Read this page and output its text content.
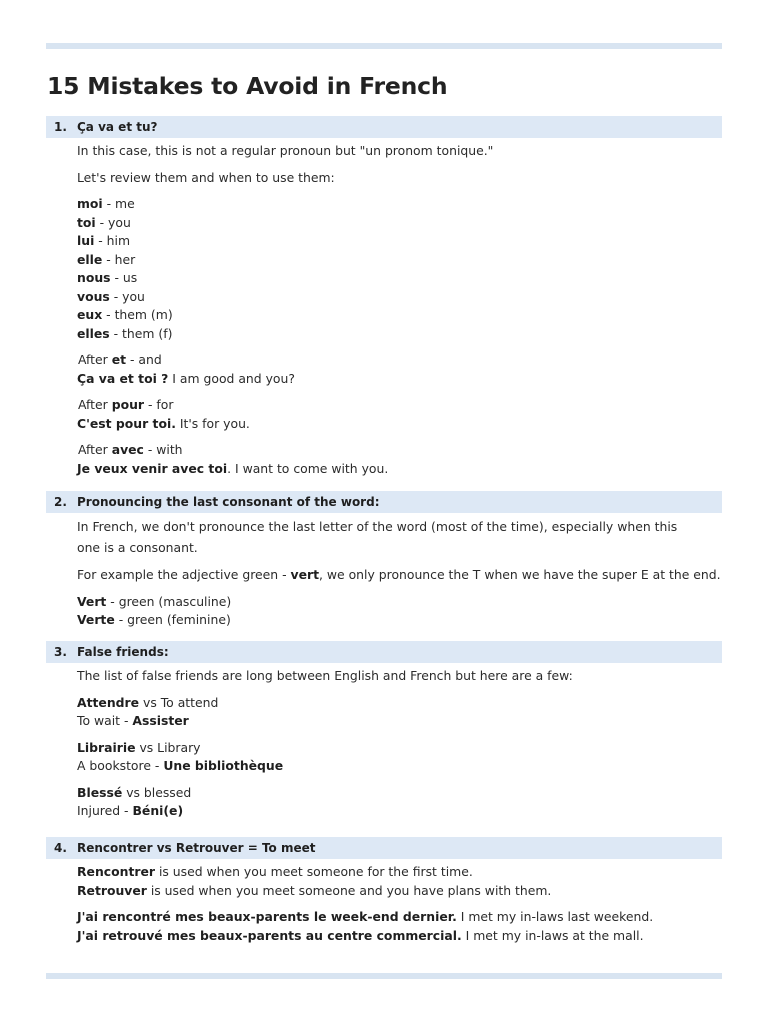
15 Mistakes to Avoid in French
1. Ça va et tu?

In this case, this is not a regular pronoun but "un pronom tonique."

Let's review them and when to use them:

moi - me
toi - you
lui - him
elle - her
nous - us
vous - you
eux - them (m)
elles - them (f)

After et - and
Ça va et toi ? I am good and you?

After pour - for
C'est pour toi. It's for you.

After avec - with
Je veux venir avec toi. I want to come with you.

2. Pronouncing the last consonant of the word:

In French, we don't pronounce the last letter of the word (most of the time), especially when this one is a consonant.

For example the adjective green - vert, we only pronounce the T when we have the super E at the end.

Vert - green (masculine)
Verte - green (feminine)

3. False friends:

The list of false friends are long between English and French but here are a few:

Attendre vs To attend
To wait - Assister

Librairie vs Library
A bookstore - Une bibliothèque

Blessé vs blessed
Injured - Béni(e)

4. Rencontrer vs Retrouver = To meet

Rencontrer is used when you meet someone for the first time.
Retrouver is used when you meet someone and you have plans with them.

J'ai rencontré mes beaux-parents le week-end dernier. I met my in-laws last weekend.
J'ai retrouvé mes beaux-parents au centre commercial. I met my in-laws at the mall.
